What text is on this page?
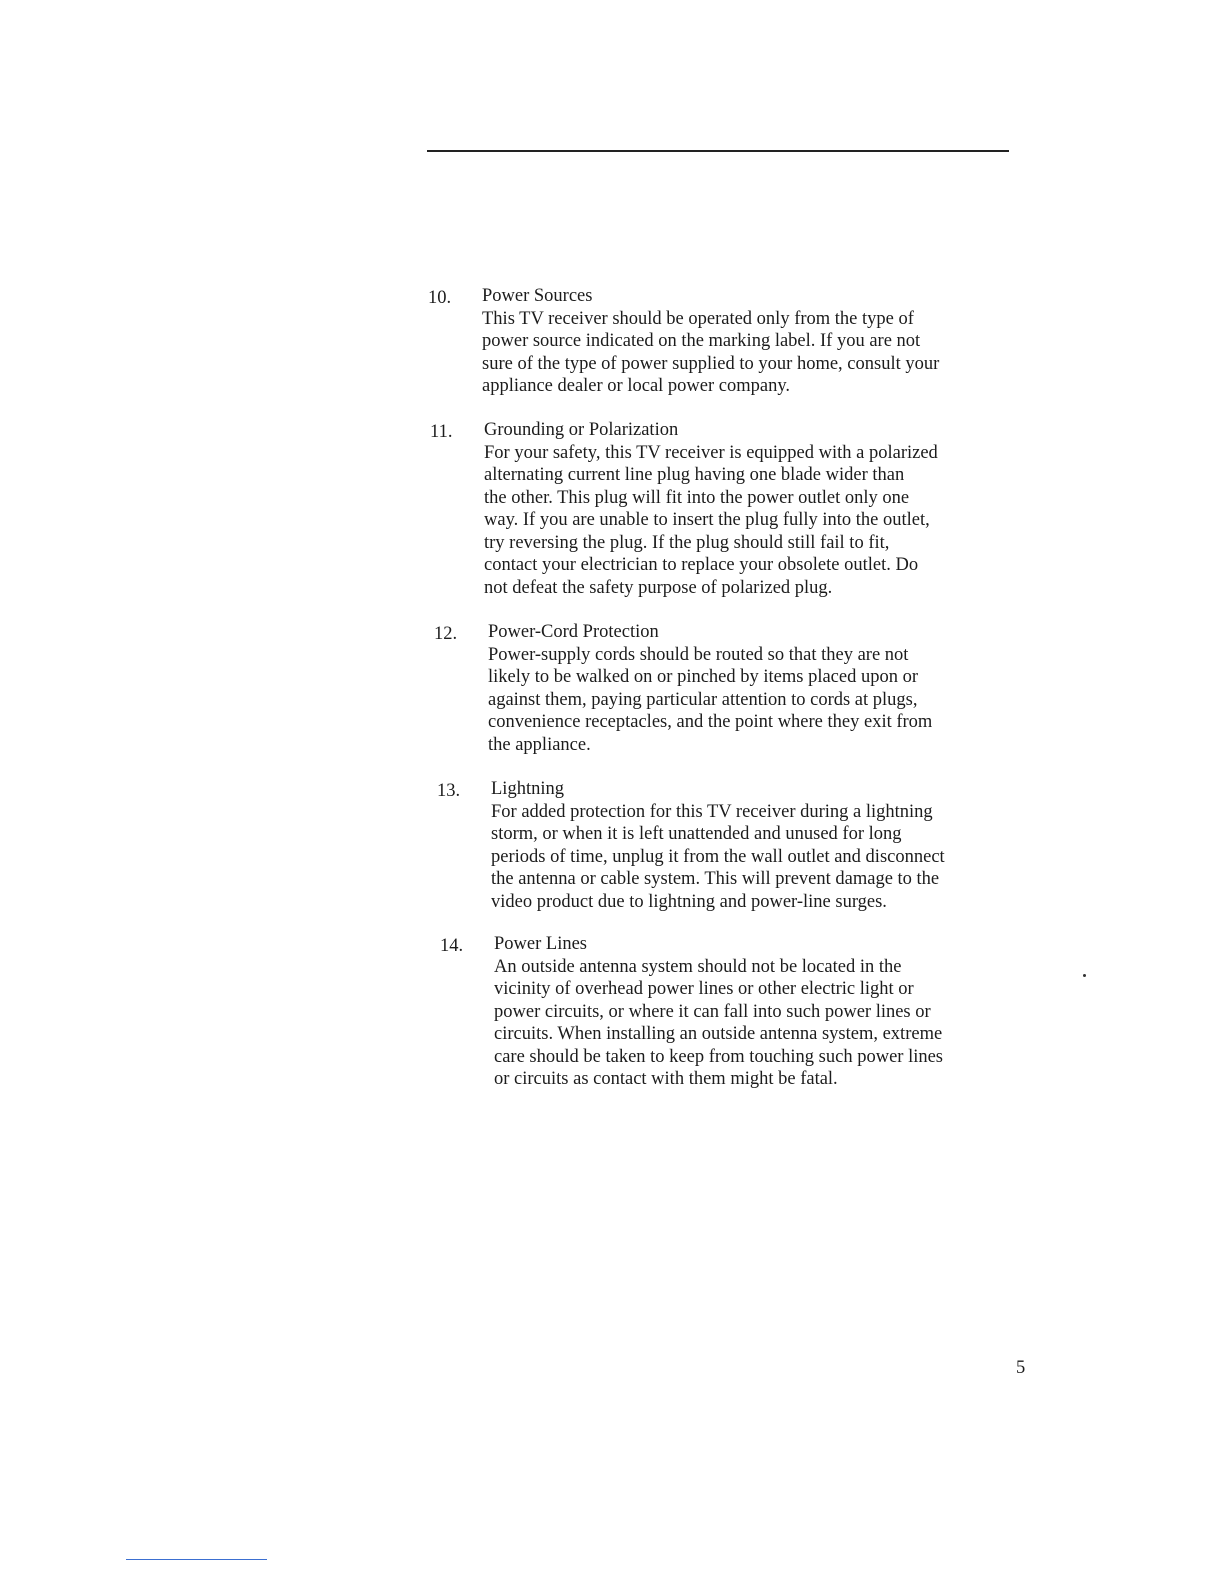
10.	Power Sources
This TV receiver should be operated only from the type of
power source indicated on the marking label. If you are not
sure of the type of power supplied to your home, consult your
appliance dealer or local power company.
11.	Grounding or Polarization
For your safety, this TV receiver is equipped with a polarized
alternating current line plug having one blade wider than
the other. This plug will fit into the power outlet only one
way. If you are unable to insert the plug fully into the outlet,
try reversing the plug. If the plug should still fail to fit,
contact your electrician to replace your obsolete outlet. Do
not defeat the safety purpose of polarized plug.
12.	Power-Cord Protection
Power-supply cords should be routed so that they are not
likely to be walked on or pinched by items placed upon or
against them, paying particular attention to cords at plugs,
convenience receptacles, and the point where they exit from
the appliance.
13.	Lightning
For added protection for this TV receiver during a lightning
storm, or when it is left unattended and unused for long
periods of time, unplug it from the wall outlet and disconnect
the antenna or cable system. This will prevent damage to the
video product due to lightning and power-line surges.
14.	Power Lines
An outside antenna system should not be located in the
vicinity of overhead power lines or other electric light or
power circuits, or where it can fall into such power lines or
circuits. When installing an outside antenna system, extreme
care should be taken to keep from touching such power lines
or circuits as contact with them might be fatal.
5
